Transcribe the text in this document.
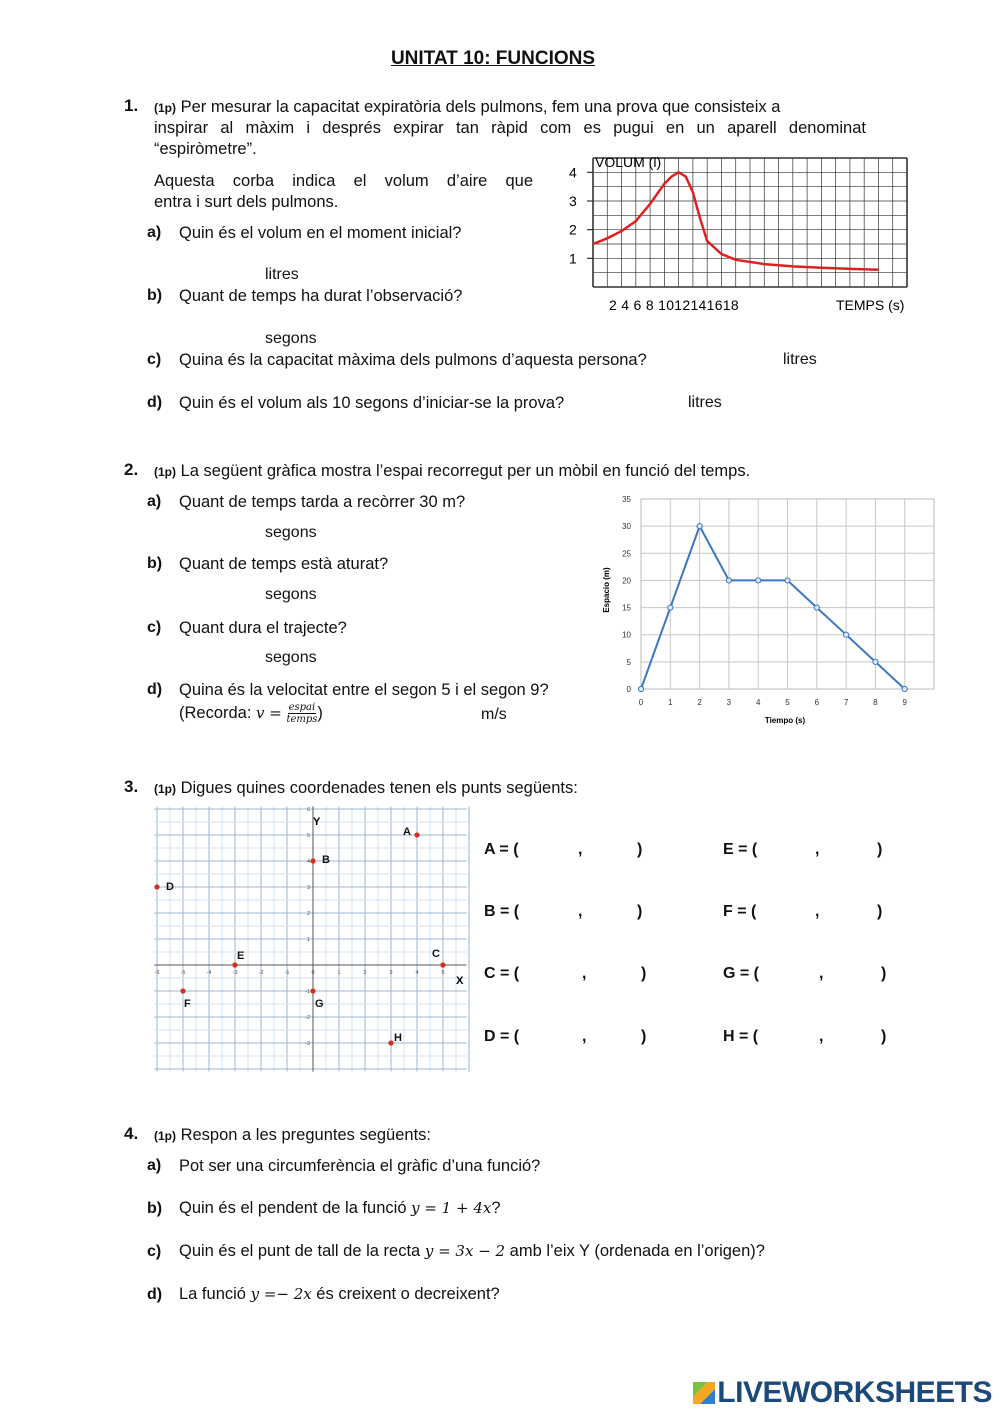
UNITAT 10: FUNCIONS
1. (1p) Per mesurar la capacitat expiratòria dels pulmons, fem una prova que consisteix a
inspirar al màxim i després expirar tan ràpid com es pugui en un aparell denominat
“espiròmetre”.
Aquesta corba indica el volum d’aire que
entra i surt dels pulmons.
a) Quin és el volum en el moment inicial?
litres
b) Quant de temps ha durat l’observació?
segons
c) Quina és la capacitat màxima dels pulmons d’aquesta persona?	litres
d) Quin és el volum als 10 segons d’iniciar-se la prova?	litres
1
2
3
4
VOLUM (l)
2 4 6 8 1012141618	TEMPS (s)
2. (1p) La següent gràfica mostra l’espai recorregut per un mòbil en funció del temps.
a) Quant de temps tarda a recòrrer 30 m?
segons
b) Quant de temps està aturat?
segons
c) Quant dura el trajecte?
segons
d) Quina és la velocitat entre el segon 5 i el segon 9?
(Recorda: $v = \frac{\text{espai}}{\text{temps}}$ )	m/s
0
5
10
15
20
25
30
35
0	1	2	3	4	5	6	7	8	9
Espacio (m)
Tiempo (s)
3. (1p) Digues quines coordenades tenen els punts següents:
-6	-5	-4	-3	-2	-1	0	1	2	3	4	5
-3
-2
-1
1
2
3
4
5
6
A
B
C
D
E
F	G
H
Y
X
A = (	,	)	E = (	,	)
B = (	,	)	F = (	,	)
C = (	,	)	G = (	,	)
D = (	,	)	H = (	,	)
4. (1p) Respon a les preguntes següents:
a) Pot ser una circumferència el gràfic d’una funció?
b) Quin és el pendent de la funció y = 1 + 4x?
c) Quin és el punt de tall de la recta y = 3x − 2 amb l’eix Y (ordenada en l’origen)?
d) La funció y =− 2x és creixent o decreixent?
LIVEWORKSHEETS
